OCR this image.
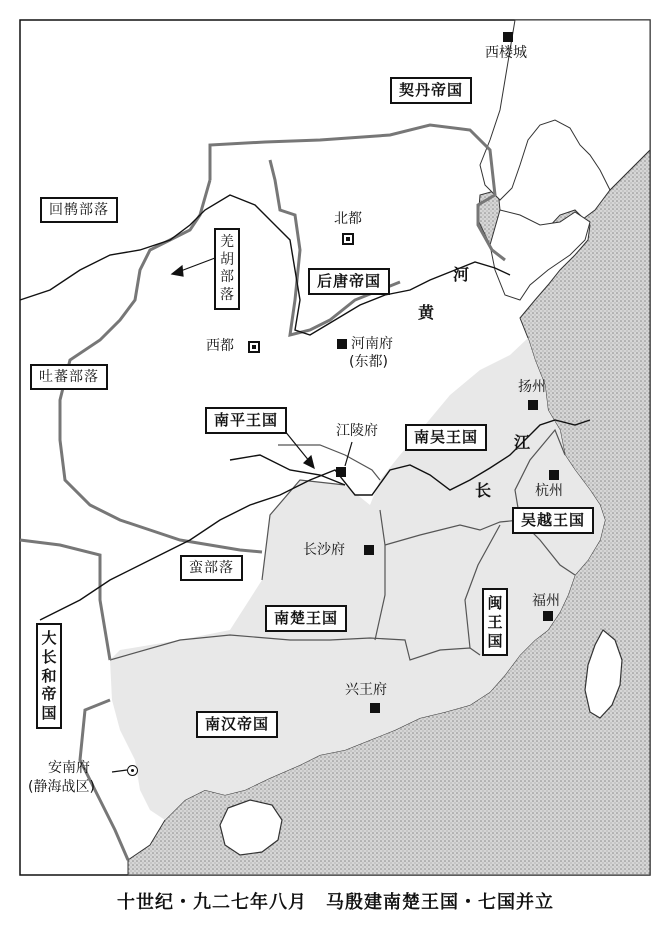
西楼城
契丹帝国
回鹘部落
羌胡部落
北都
后唐帝国	河
黄
西都	河南府
(东都)
吐蕃部落
扬州
南平王国
江陵府	南吴王国	江
长	杭州
吴越王国
长沙府
蛮部落
福州
闽王国
南楚王国
大长和帝国
兴王府
南汉帝国
安南府
(静海战区)
十世纪・九二七年八月　马殷建南楚王国・七国并立
